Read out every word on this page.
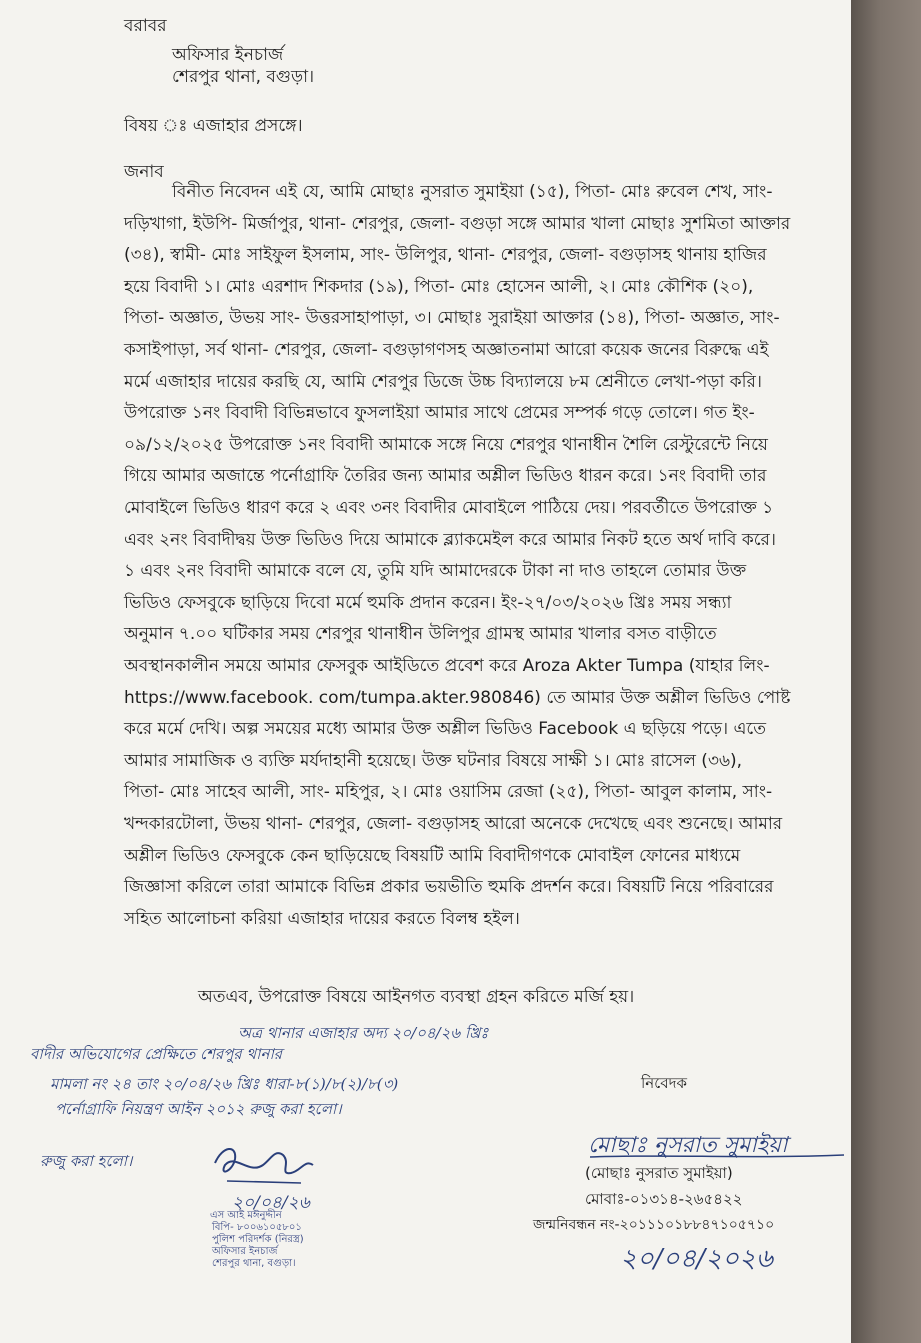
বরাবর
অফিসার ইনচার্জ
শেরপুর থানা, বগুড়া।
বিষয় ঃ এজাহার প্রসঙ্গে।
জনাব
বিনীত নিবেদন এই যে, আমি মোছাঃ নুসরাত সুমাইয়া (১৫), পিতা- মোঃ রুবেল শেখ, সাং-
দড়িখাগা, ইউপি- মির্জাপুর, থানা- শেরপুর, জেলা- বগুড়া সঙ্গে আমার খালা মোছাঃ সুশমিতা আক্তার
(৩৪), স্বামী- মোঃ সাইফুল ইসলাম, সাং- উলিপুর, থানা- শেরপুর, জেলা- বগুড়াসহ থানায় হাজির
হয়ে বিবাদী ১। মোঃ এরশাদ শিকদার (১৯), পিতা- মোঃ হোসেন আলী, ২। মোঃ কৌশিক (২০),
পিতা- অজ্ঞাত, উভয় সাং- উত্তরসাহাপাড়া, ৩। মোছাঃ সুরাইয়া আক্তার (১৪), পিতা- অজ্ঞাত, সাং-
কসাইপাড়া, সর্ব থানা- শেরপুর, জেলা- বগুড়াগণসহ অজ্ঞাতনামা আরো কয়েক জনের বিরুদ্ধে এই
মর্মে এজাহার দায়ের করছি যে, আমি শেরপুর ডিজে উচ্চ বিদ্যালয়ে ৮ম শ্রেনীতে লেখা-পড়া করি।
উপরোক্ত ১নং বিবাদী বিভিন্নভাবে ফুসলাইয়া আমার সাথে প্রেমের সম্পর্ক গড়ে তোলে। গত ইং-
০৯/১২/২০২৫ উপরোক্ত ১নং বিবাদী আমাকে সঙ্গে নিয়ে শেরপুর থানাধীন শৈলি রেস্টুরেন্টে নিয়ে
গিয়ে আমার অজান্তে পর্নোগ্রাফি তৈরির জন্য আমার অশ্লীল ভিডিও ধারন করে। ১নং বিবাদী তার
মোবাইলে ভিডিও ধারণ করে ২ এবং ৩নং বিবাদীর মোবাইলে পাঠিয়ে দেয়। পরবর্তীতে উপরোক্ত ১
এবং ২নং বিবাদীদ্বয় উক্ত ভিডিও দিয়ে আমাকে ব্ল্যাকমেইল করে আমার নিকট হতে অর্থ দাবি করে।
১ এবং ২নং বিবাদী আমাকে বলে যে, তুমি যদি আমাদেরকে টাকা না দাও তাহলে তোমার উক্ত
ভিডিও ফেসবুকে ছাড়িয়ে দিবো মর্মে হুমকি প্রদান করেন। ইং-২৭/০৩/২০২৬ খ্রিঃ সময় সন্ধ্যা
অনুমান ৭.০০ ঘটিকার সময় শেরপুর থানাধীন উলিপুর গ্রামস্থ আমার খালার বসত বাড়ীতে
অবস্থানকালীন সময়ে আমার ফেসবুক আইডিতে প্রবেশ করে Aroza Akter Tumpa (যাহার লিং-
https://www.facebook. com/tumpa.akter.980846) তে আমার উক্ত অশ্লীল ভিডিও পোষ্ট
করে মর্মে দেখি। অল্প সময়ের মধ্যে আমার উক্ত অশ্লীল ভিডিও Facebook এ ছড়িয়ে পড়ে। এতে
আমার সামাজিক ও ব্যক্তি মর্যদাহানী হয়েছে। উক্ত ঘটনার বিষয়ে সাক্ষী ১। মোঃ রাসেল (৩৬),
পিতা- মোঃ সাহেব আলী, সাং- মহিপুর, ২। মোঃ ওয়াসিম রেজা (২৫), পিতা- আবুল কালাম, সাং-
খন্দকারটোলা, উভয় থানা- শেরপুর, জেলা- বগুড়াসহ আরো অনেকে দেখেছে এবং শুনেছে। আমার
অশ্লীল ভিডিও ফেসবুকে কেন ছাড়িয়েছে বিষয়টি আমি বিবাদীগণকে মোবাইল ফোনের মাধ্যমে
জিজ্ঞাসা করিলে তারা আমাকে বিভিন্ন প্রকার ভয়ভীতি হুমকি প্রদর্শন করে। বিষয়টি নিয়ে পরিবারের
সহিত আলোচনা করিয়া এজাহার দায়ের করতে বিলম্ব হইল।
অতএব, উপরোক্ত বিষয়ে আইনগত ব্যবস্থা গ্রহন করিতে মর্জি হয়।
অত্র থানার এজাহার অদ্য ২০/০৪/২৬ খ্রিঃ
বাদীর অভিযোগের প্রেক্ষিতে শেরপুর থানার
মামলা নং ২৪ তাং ২০/০৪/২৬ খ্রিঃ ধারা-৮(১)/৮(২)/৮(৩)
পর্নোগ্রাফি নিয়ন্ত্রণ আইন ২০১২ রুজু করা হলো।
রুজু করা হলো।
২০/০৪/২৬
এস আই মঈনুদ্দীন
বিপি- ৮০০৬১০৫৮০১
পুলিশ পরিদর্শক (নিরস্ত্র)
অফিসার ইনচার্জ
শেরপুর থানা, বগুড়া।
নিবেদক
মোছাঃ নুসরাত সুমাইয়া
(মোছাঃ নুসরাত সুমাইয়া)
মোবাঃ-০১৩১৪-২৬৫৪২২
জন্মনিবন্ধন নং-২০১১১০১৮৮৪৭১০৫৭১০
২০/০৪/২০২৬
